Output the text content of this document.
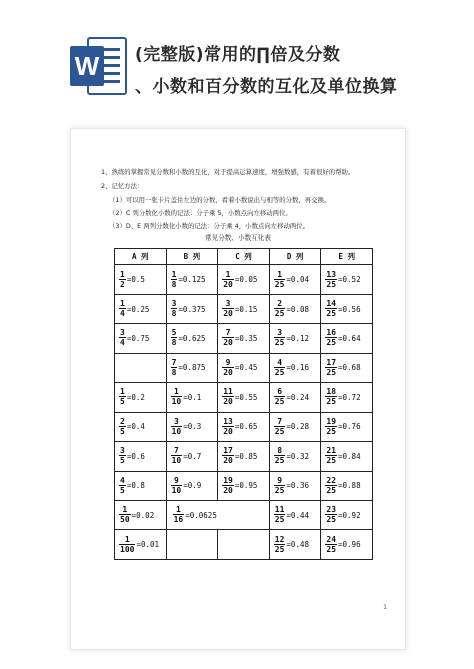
W (完整版)常用的∏倍及分数
、小数和百分数的互化及单位换算
1、熟练的掌握常见分数和小数的互化，对于提高运算速度，增强数感，有着很好的帮助。
2、记忆方法：
（1）可以用一张卡片盖住左边的分数，看着小数说出与相等的分数，再交换。
（2）C 列分数化小数的记法：分子乘 5，小数点向左移动两位。
（3）D、E 两列分数化小数的记法：分子乘 4，小数点向左移动两位。
常见分数、小数互化表
A 列	B 列	C 列	D 列	E 列

$\frac{1}{2} =0.5$	$\frac{1}{8} =0.125$	$\frac{1}{20} =0.05$	$\frac{1}{25} =0.04$	$\frac{13}{25} =0.52$

$\frac{1}{4} =0.25$	$\frac{3}{8} =0.375$	$\frac{3}{20} =0.15$	$\frac{2}{25} =0.08$	$\frac{14}{25} =0.56$

$\frac{3}{4} =0.75$	$\frac{5}{8} =0.625$	$\frac{7}{20} =0.35$	$\frac{3}{25} =0.12$	$\frac{16}{25} =0.64$

	$\frac{7}{8} =0.875$	$\frac{9}{20} =0.45$	$\frac{4}{25} =0.16$	$\frac{17}{25} =0.68$

$\frac{1}{5} =0.2$	$\frac{1}{10} =0.1$	$\frac{11}{20} =0.55$	$\frac{6}{25} =0.24$	$\frac{18}{25} =0.72$

$\frac{2}{5} =0.4$	$\frac{3}{10} =0.3$	$\frac{13}{20} =0.65$	$\frac{7}{25} =0.28$	$\frac{19}{25} =0.76$

$\frac{3}{5} =0.6$	$\frac{7}{10} =0.7$	$\frac{17}{20} =0.85$	$\frac{8}{25} =0.32$	$\frac{21}{25} =0.84$

$\frac{4}{5} =0.8$	$\frac{9}{10} =0.9$	$\frac{19}{20} =0.95$	$\frac{9}{25} =0.36$	$\frac{22}{25} =0.88$

$\frac{1}{50} =0.02$	$\frac{1}{16} =0.0625$		$\frac{11}{25} =0.44$	$\frac{23}{25} =0.92$

$\frac{1}{100} =0.01$			$\frac{12}{25} =0.48$	$\frac{24}{25} =0.96$
1
